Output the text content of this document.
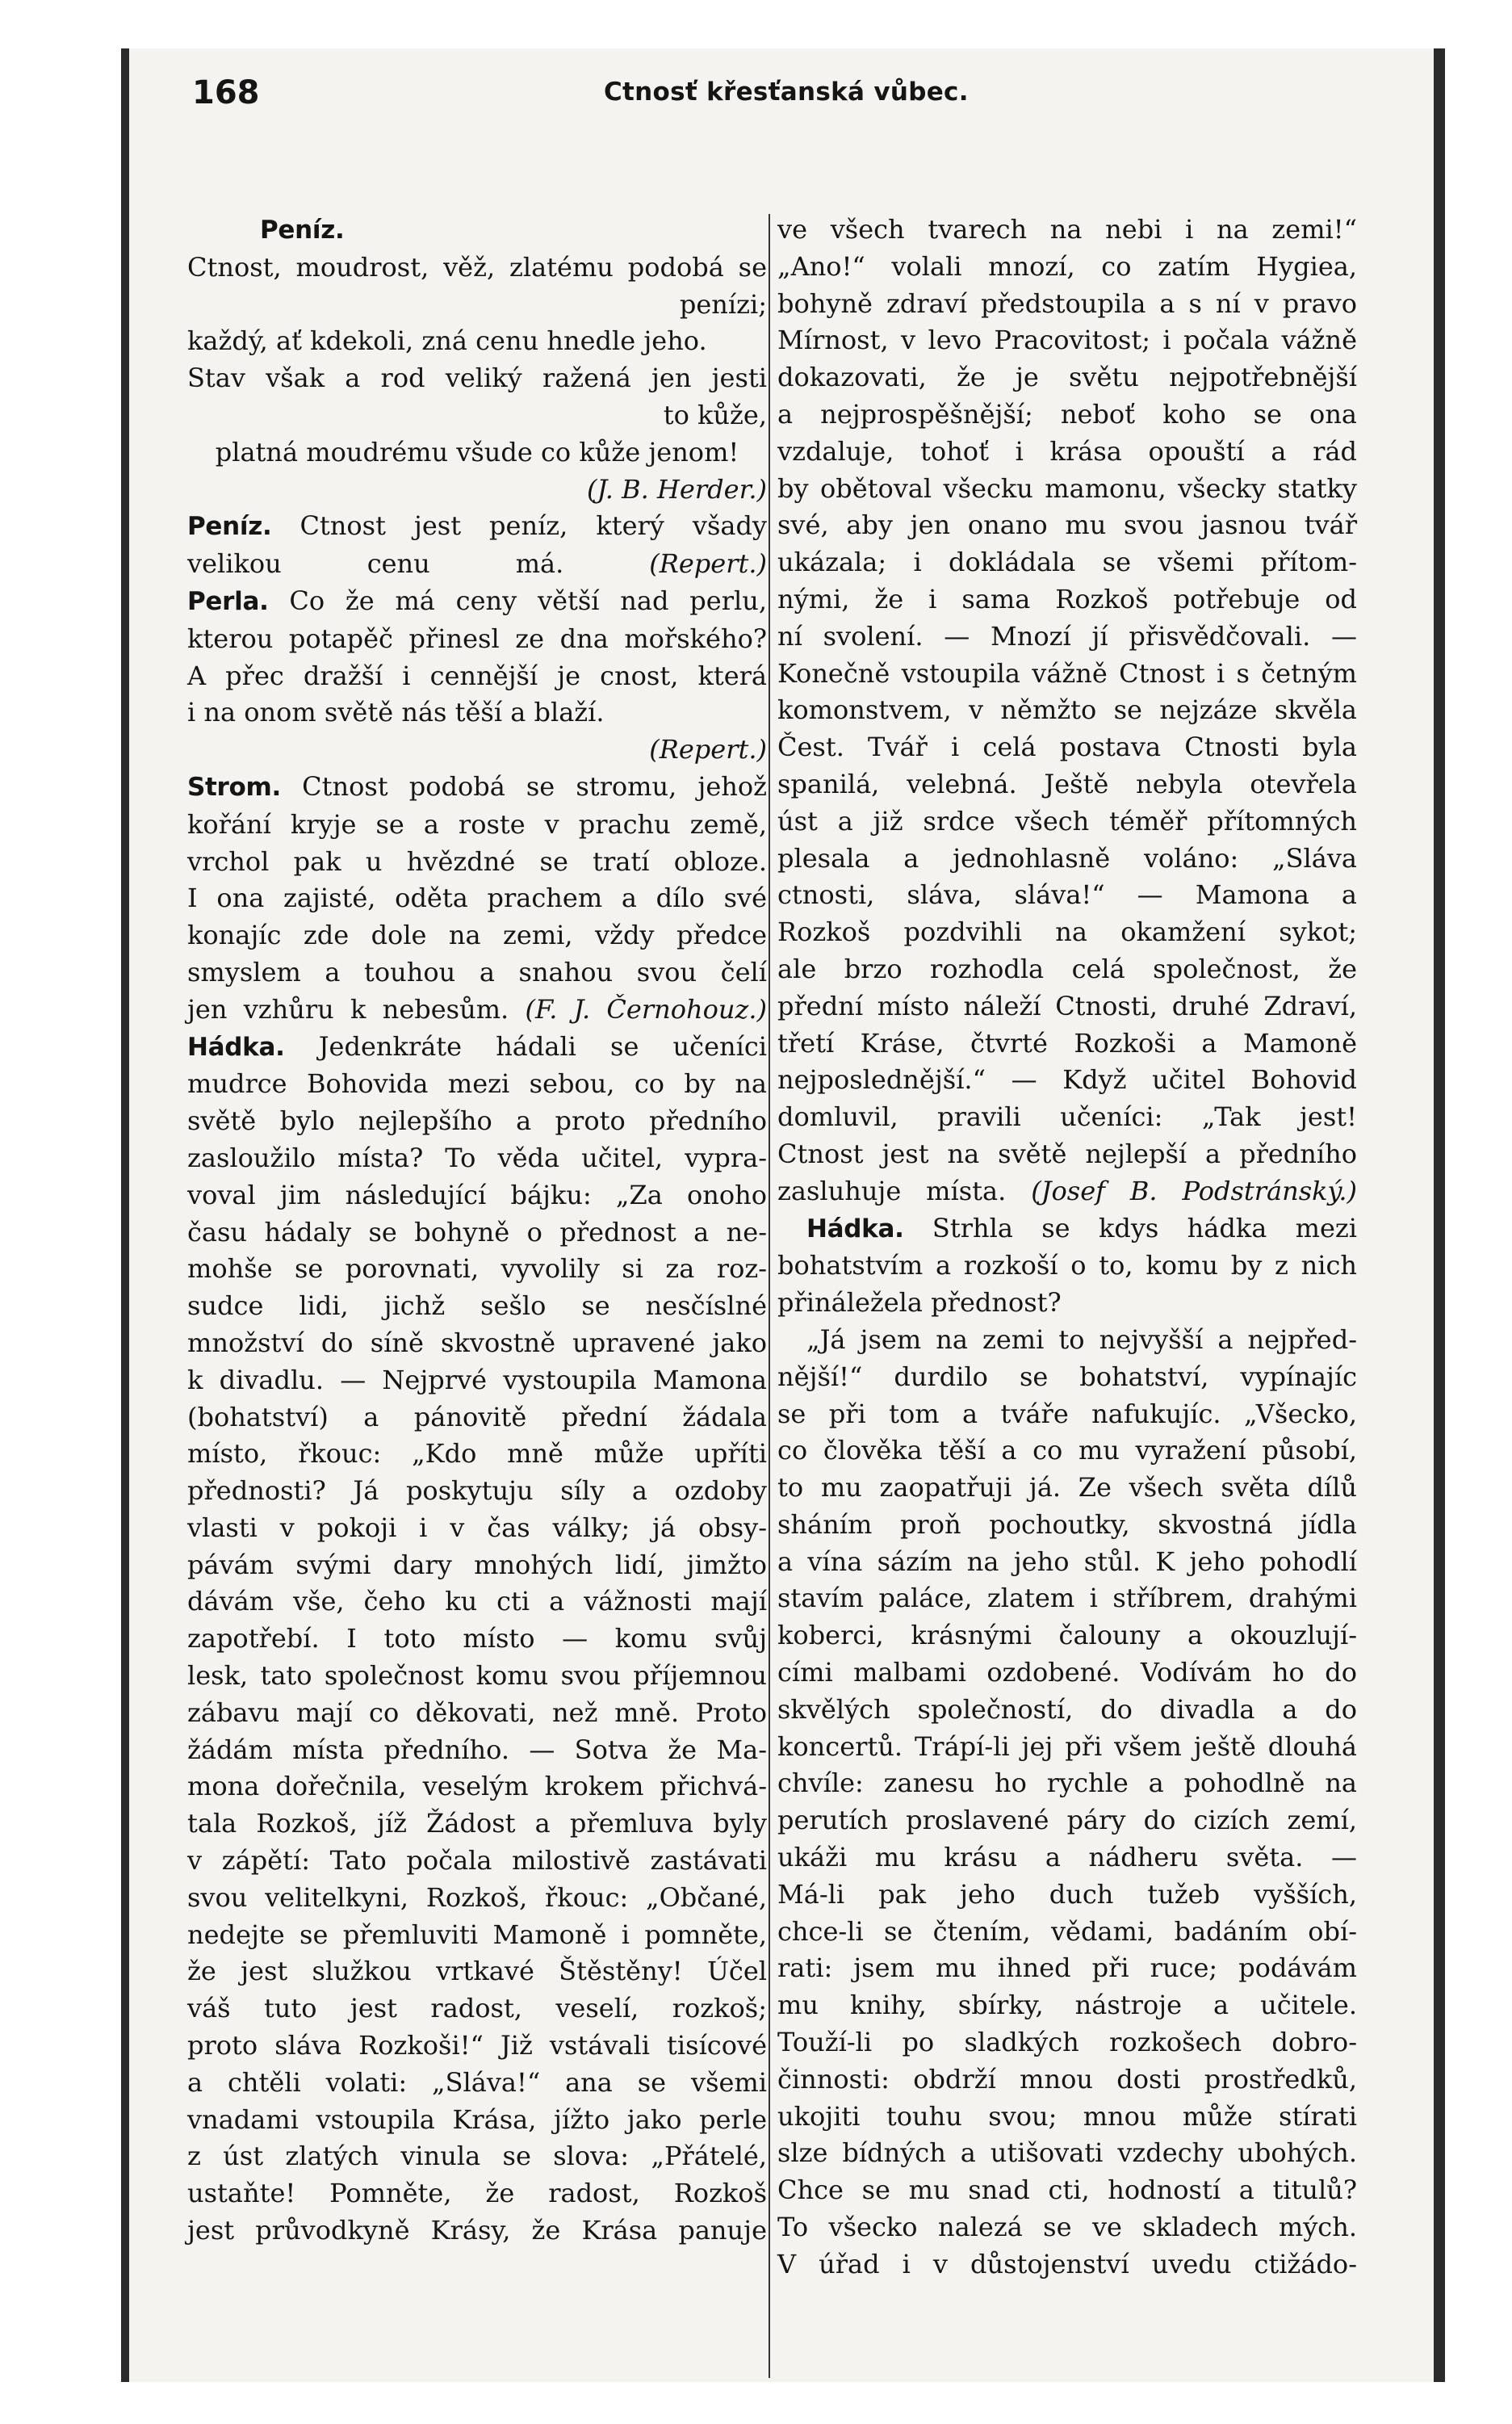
168	Ctnosť křesťanská vůbec.
Peníz.
Ctnost, moudrost, věž, zlatému podobá se
penízi;
každý, ať kdekoli, zná cenu hnedle jeho.
Stav však a rod veliký ražená jen jesti
to kůže,
platná moudrému všude co kůže jenom!
(J. B. Herder.)
Peníz. Ctnost jest peníz, který všady
velikou cenu má. (Repert.)
Perla. Co že má ceny větší nad perlu,
kterou potapěč přinesl ze dna mořského?
A přec dražší i cennější je cnost, která
i na onom světě nás těší a blaží.
(Repert.)
Strom. Ctnost podobá se stromu, jehož
kořání kryje se a roste v prachu země,
vrchol pak u hvězdné se tratí obloze.
I ona zajisté, oděta prachem a dílo své
konajíc zde dole na zemi, vždy předce
smyslem a touhou a snahou svou čelí
jen vzhůru k nebesům. (F. J. Černohouz.)
Hádka. Jedenkráte hádali se učeníci
mudrce Bohovida mezi sebou, co by na
světě bylo nejlepšího a proto předního
zasloužilo místa? To věda učitel, vypra-
voval jim následující bájku: „Za onoho
času hádaly se bohyně o přednost a ne-
mohše se porovnati, vyvolily si za roz-
sudce lidi, jichž sešlo se nesčíslné
množství do síně skvostně upravené jako
k divadlu. — Nejprvé vystoupila Mamona
(bohatství) a pánovitě přední žádala
místo, řkouc: „Kdo mně může upříti
přednosti? Já poskytuju síly a ozdoby
vlasti v pokoji i v čas války; já obsy-
pávám svými dary mnohých lidí, jimžto
dávám vše, čeho ku cti a vážnosti mají
zapotřebí. I toto místo — komu svůj
lesk, tato společnost komu svou příjemnou
zábavu mají co děkovati, než mně. Proto
žádám místa předního. — Sotva že Ma-
mona dořečnila, veselým krokem přichvá-
tala Rozkoš, jíž Žádost a přemluva byly
v zápětí: Tato počala milostivě zastávati
svou velitelkyni, Rozkoš, řkouc: „Občané,
nedejte se přemluviti Mamoně i pomněte,
že jest služkou vrtkavé Štěstěny! Účel
váš tuto jest radost, veselí, rozkoš;
proto sláva Rozkoši!“ Již vstávali tisícové
a chtěli volati: „Sláva!“ ana se všemi
vnadami vstoupila Krása, jížto jako perle
z úst zlatých vinula se slova: „Přátelé,
ustaňte! Pomněte, že radost, Rozkoš
jest průvodkyně Krásy, že Krása panuje
ve všech tvarech na nebi i na zemi!“
„Ano!“ volali mnozí, co zatím Hygiea,
bohyně zdraví předstoupila a s ní v pravo
Mírnost, v levo Pracovitost; i počala vážně
dokazovati, že je světu nejpotřebnější
a nejprospěšnější; neboť koho se ona
vzdaluje, tohoť i krása opouští a rád
by obětoval všecku mamonu, všecky statky
své, aby jen onano mu svou jasnou tvář
ukázala; i dokládala se všemi přítom-
nými, že i sama Rozkoš potřebuje od
ní svolení. — Mnozí jí přisvědčovali. —
Konečně vstoupila vážně Ctnost i s četným
komonstvem, v němžto se nejzáze skvěla
Čest. Tvář i celá postava Ctnosti byla
spanilá, velebná. Ještě nebyla otevřela
úst a již srdce všech téměř přítomných
plesala a jednohlasně voláno: „Sláva
ctnosti, sláva, sláva!“ — Mamona a
Rozkoš pozdvihli na okamžení sykot;
ale brzo rozhodla celá společnost, že
přední místo náleží Ctnosti, druhé Zdraví,
třetí Kráse, čtvrté Rozkoši a Mamoně
nejposlednější.“ — Když učitel Bohovid
domluvil, pravili učeníci: „Tak jest!
Ctnost jest na světě nejlepší a předního
zasluhuje místa. (Josef B. Podstránský.)
Hádka. Strhla se kdys hádka mezi
bohatstvím a rozkoší o to, komu by z nich
přináležela přednost?
„Já jsem na zemi to nejvyšší a nejpřed-
nější!“ durdilo se bohatství, vypínajíc
se při tom a tváře nafukujíc. „Všecko,
co člověka těší a co mu vyražení působí,
to mu zaopatřuji já. Ze všech světa dílů
sháním proň pochoutky, skvostná jídla
a vína sázím na jeho stůl. K jeho pohodlí
stavím paláce, zlatem i stříbrem, drahými
koberci, krásnými čalouny a okouzlují-
cími malbami ozdobené. Vodívám ho do
skvělých společností, do divadla a do
koncertů. Trápí-li jej při všem ještě dlouhá
chvíle: zanesu ho rychle a pohodlně na
perutích proslavené páry do cizích zemí,
ukáži mu krásu a nádheru světa. —
Má-li pak jeho duch tužeb vyšších,
chce-li se čtením, vědami, badáním obí-
rati: jsem mu ihned při ruce; podávám
mu knihy, sbírky, nástroje a učitele.
Touží-li po sladkých rozkošech dobro-
činnosti: obdrží mnou dosti prostředků,
ukojiti touhu svou; mnou může stírati
slze bídných a utišovati vzdechy ubohých.
Chce se mu snad cti, hodností a titulů?
To všecko nalezá se ve skladech mých.
V úřad i v důstojenství uvedu ctižádo-
